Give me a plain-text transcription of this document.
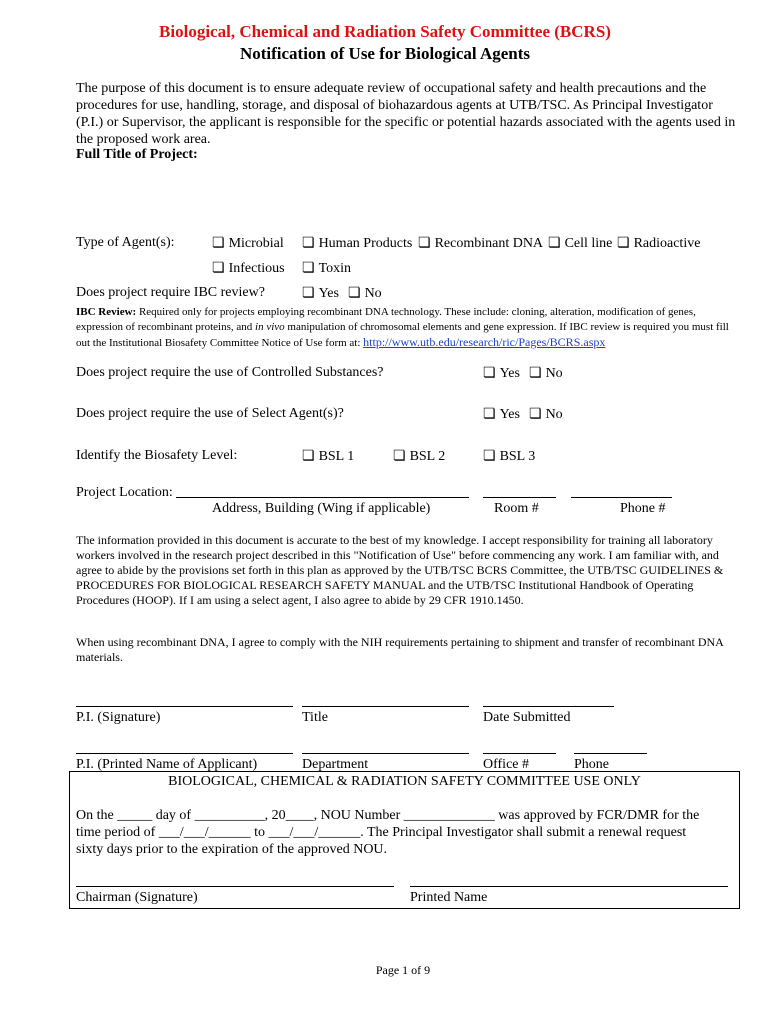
Biological, Chemical and Radiation Safety Committee (BCRS)
Notification of Use for Biological Agents
The purpose of this document is to ensure adequate review of occupational safety and health precautions and the procedures for use, handling, storage, and disposal of biohazardous agents at UTB/TSC. As Principal Investigator (P.I.) or Supervisor, the applicant is responsible for the specific or potential hazards associated with the agents used in the proposed work area.
Full Title of Project:
Type of Agent(s):	❏ Microbial	❏ Human Products	❏ Recombinant DNA	❏ Cell line	❏ Radioactive
❏ Infectious	❏ Toxin
Does project require IBC review?	❏ Yes	❏ No
IBC Review: Required only for projects employing recombinant DNA technology. These include: cloning, alteration, modification of genes, expression of recombinant proteins, and in vivo manipulation of chromosomal elements and gene expression. If IBC review is required you must fill out the Institutional Biosafety Committee Notice of Use form at: http://www.utb.edu/research/ric/Pages/BCRS.aspx
Does project require the use of Controlled Substances?	❏ Yes	❏ No
Does project require the use of Select Agent(s)?	❏ Yes	❏ No
Identify the Biosafety Level:	❏ BSL 1	❏ BSL 2	❏ BSL 3
Project Location:
Address, Building (Wing if applicable)	Room #	Phone #
The information provided in this document is accurate to the best of my knowledge. I accept responsibility for training all laboratory workers involved in the research project described in this "Notification of Use" before commencing any work. I am familiar with, and agree to abide by the provisions set forth in this plan as approved by the UTB/TSC BCRS Committee, the UTB/TSC GUIDELINES & PROCEDURES FOR BIOLOGICAL RESEARCH SAFETY MANUAL and the UTB/TSC Institutional Handbook of Operating Procedures (HOOP). If I am using a select agent, I also agree to abide by 29 CFR 1910.1450.
When using recombinant DNA, I agree to comply with the NIH requirements pertaining to shipment and transfer of recombinant DNA materials.
P.I. (Signature)	Title	Date Submitted
P.I. (Printed Name of Applicant)	Department	Office #	Phone
BIOLOGICAL, CHEMICAL & RADIATION SAFETY COMMITTEE USE ONLY
On the _____ day of __________, 20____, NOU Number _____________ was approved by FCR/DMR for the
time period of ___/___/______ to ___/___/______. The Principal Investigator shall submit a renewal request
sixty days prior to the expiration of the approved NOU.
Chairman (Signature)	Printed Name
Page 1 of 9
